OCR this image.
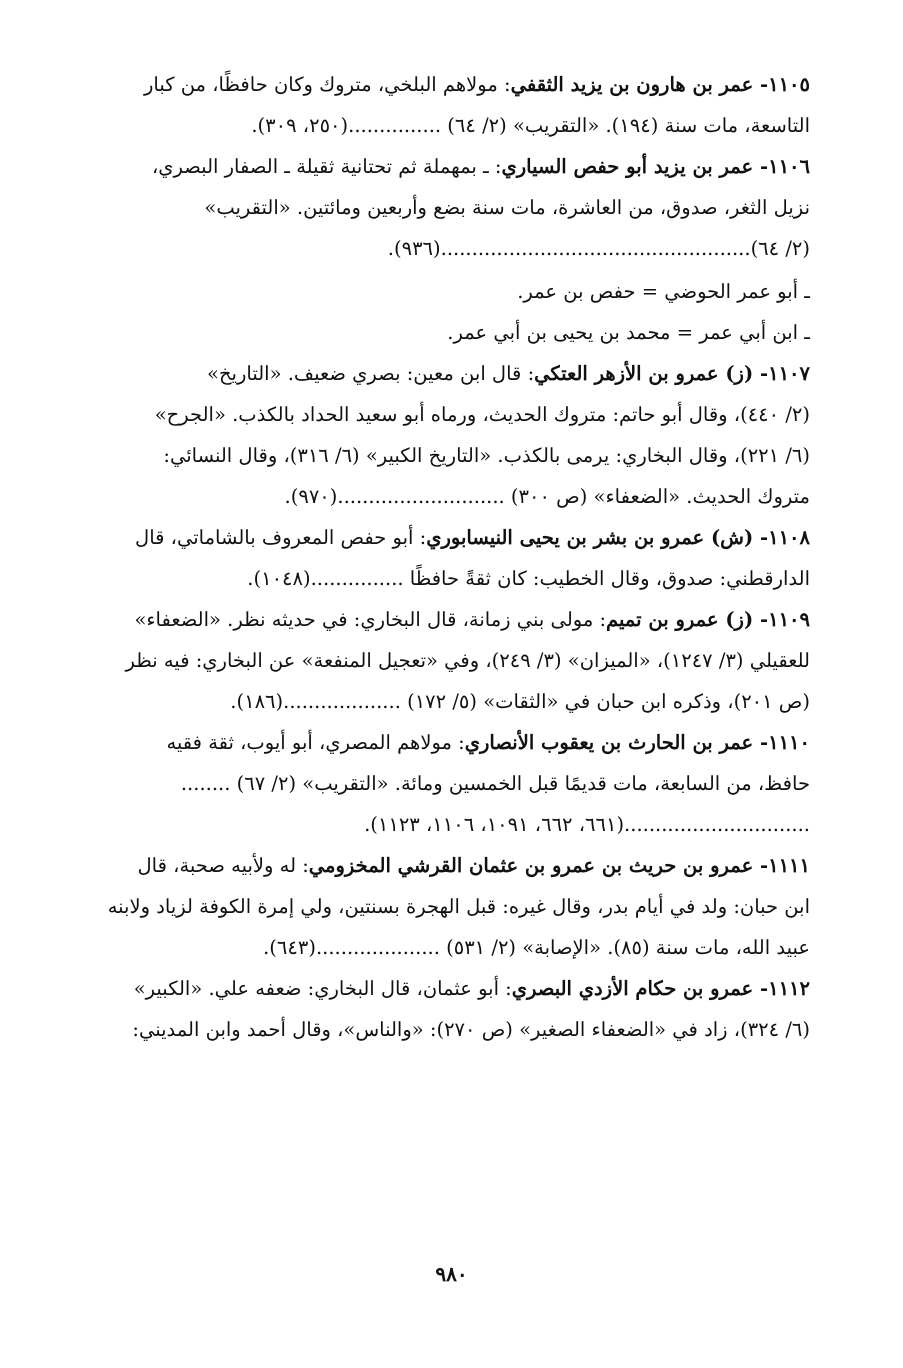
١١٠٥- عمر بن هارون بن يزيد الثقفي: مولاهم البلخي، متروك وكان حافظًا، من كبار
التاسعة، مات سنة (١٩٤). «التقريب» (٢/ ٦٤) ...............(٢٥٠، ٣٠٩).

١١٠٦- عمر بن يزيد أبو حفص السياري: ـ بمهملة ثم تحتانية ثقيلة ـ الصفار البصري،
نزيل الثغر، صدوق، من العاشرة، مات سنة بضع وأربعين ومائتين. «التقريب»
(٢/ ٦٤)..................................................(٩٣٦).

ـ أبو عمر الحوضي = حفص بن عمر.

ـ ابن أبي عمر = محمد بن يحيى بن أبي عمر.

١١٠٧- (ز) عمرو بن الأزهر العتكي: قال ابن معين: بصري ضعيف. «التاريخ»
(٢/ ٤٤٠)، وقال أبو حاتم: متروك الحديث، ورماه أبو سعيد الحداد بالكذب. «الجرح»
(٦/ ٢٢١)، وقال البخاري: يرمى بالكذب. «التاريخ الكبير» (٦/ ٣١٦)، وقال النسائي:
متروك الحديث. «الضعفاء» (ص ٣٠٠) ...........................(٩٧٠).

١١٠٨- (ش) عمرو بن بشر بن يحيى النيسابوري: أبو حفص المعروف بالشاماتي، قال
الدارقطني: صدوق، وقال الخطيب: كان ثقةً حافظًا ...............(١٠٤٨).

١١٠٩- (ز) عمرو بن تميم: مولى بني زمانة، قال البخاري: في حديثه نظر. «الضعفاء»
للعقيلي (٣/ ١٢٤٧)، «الميزان» (٣/ ٢٤٩)، وفي «تعجيل المنفعة» عن البخاري: فيه نظر
(ص ٢٠١)، وذكره ابن حبان في «الثقات» (٥/ ١٧٢) ...................(١٨٦).

١١١٠- عمر بن الحارث بن يعقوب الأنصاري: مولاهم المصري، أبو أيوب، ثقة فقيه
حافظ، من السابعة، مات قديمًا قبل الخمسين ومائة. «التقريب» (٢/ ٦٧) ........
..............................(٦٦١، ٦٦٢، ١٠٩١، ١١٠٦، ١١٢٣).

١١١١- عمرو بن حريث بن عمرو بن عثمان القرشي المخزومي: له ولأبيه صحبة، قال
ابن حبان: ولد في أيام بدر، وقال غيره: قبل الهجرة بسنتين، ولي إمرة الكوفة لزياد ولابنه
عبيد الله، مات سنة (٨٥). «الإصابة» (٢/ ٥٣١) ....................(٦٤٣).

١١١٢- عمرو بن حكام الأزدي البصري: أبو عثمان، قال البخاري: ضعفه علي. «الكبير»
(٦/ ٣٢٤)، زاد في «الضعفاء الصغير» (ص ٢٧٠): «والناس»، وقال أحمد وابن المديني:

٩٨٠
